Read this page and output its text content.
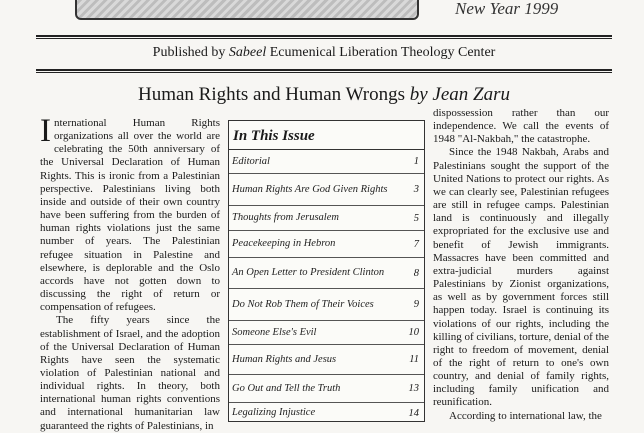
New Year 1999
Published by Sabeel Ecumenical Liberation Theology Center
Human Rights and Human Wrongs by Jean Zaru

International Human Rights organizations all over the world are celebrating the 50th anniversary of the Universal Declaration of Human Rights. This is ironic from a Palestinian perspective. Palestinians living both inside and outside of their own country have been suffering from the burden of human rights violations just the same number of years. The Palestinian refugee situation in Palestine and elsewhere, is deplorable and the Oslo accords have not gotten down to discussing the right of return or compensation of refugees.

The fifty years since the establishment of Israel, and the adoption of the Universal Declaration of Human Rights have seen the systematic violation of Palestinian national and individual rights. In theory, both international human rights conventions and international humanitarian law guaranteed the rights of Palestinians, in

In This Issue
Editorial	1
Human Rights Are God Given Rights	3
Thoughts from Jerusalem	5
Peacekeeping in Hebron	7
An Open Letter to President Clinton	8
Do Not Rob Them of Their Voices	9
Someone Else's Evil	10
Human Rights and Jesus	11
Go Out and Tell the Truth	13
Legalizing Injustice	14

dispossession rather than our independence. We call the events of 1948 "Al-Nakbah," the catastrophe.

Since the 1948 Nakbah, Arabs and Palestinians sought the support of the United Nations to protect our rights. As we can clearly see, Palestinian refugees are still in refugee camps. Palestinian land is continuously and illegally expropriated for the exclusive use and benefit of Jewish immigrants. Massacres have been committed and extra-judicial murders against Palestinians by Zionist organizations, as well as by government forces still happen today. Israel is continuing its violations of our rights, including the killing of civilians, torture, denial of the right to freedom of movement, denial of the right of return to one's own country, and denial of family rights, including family unification and reunification.

According to international law, the
